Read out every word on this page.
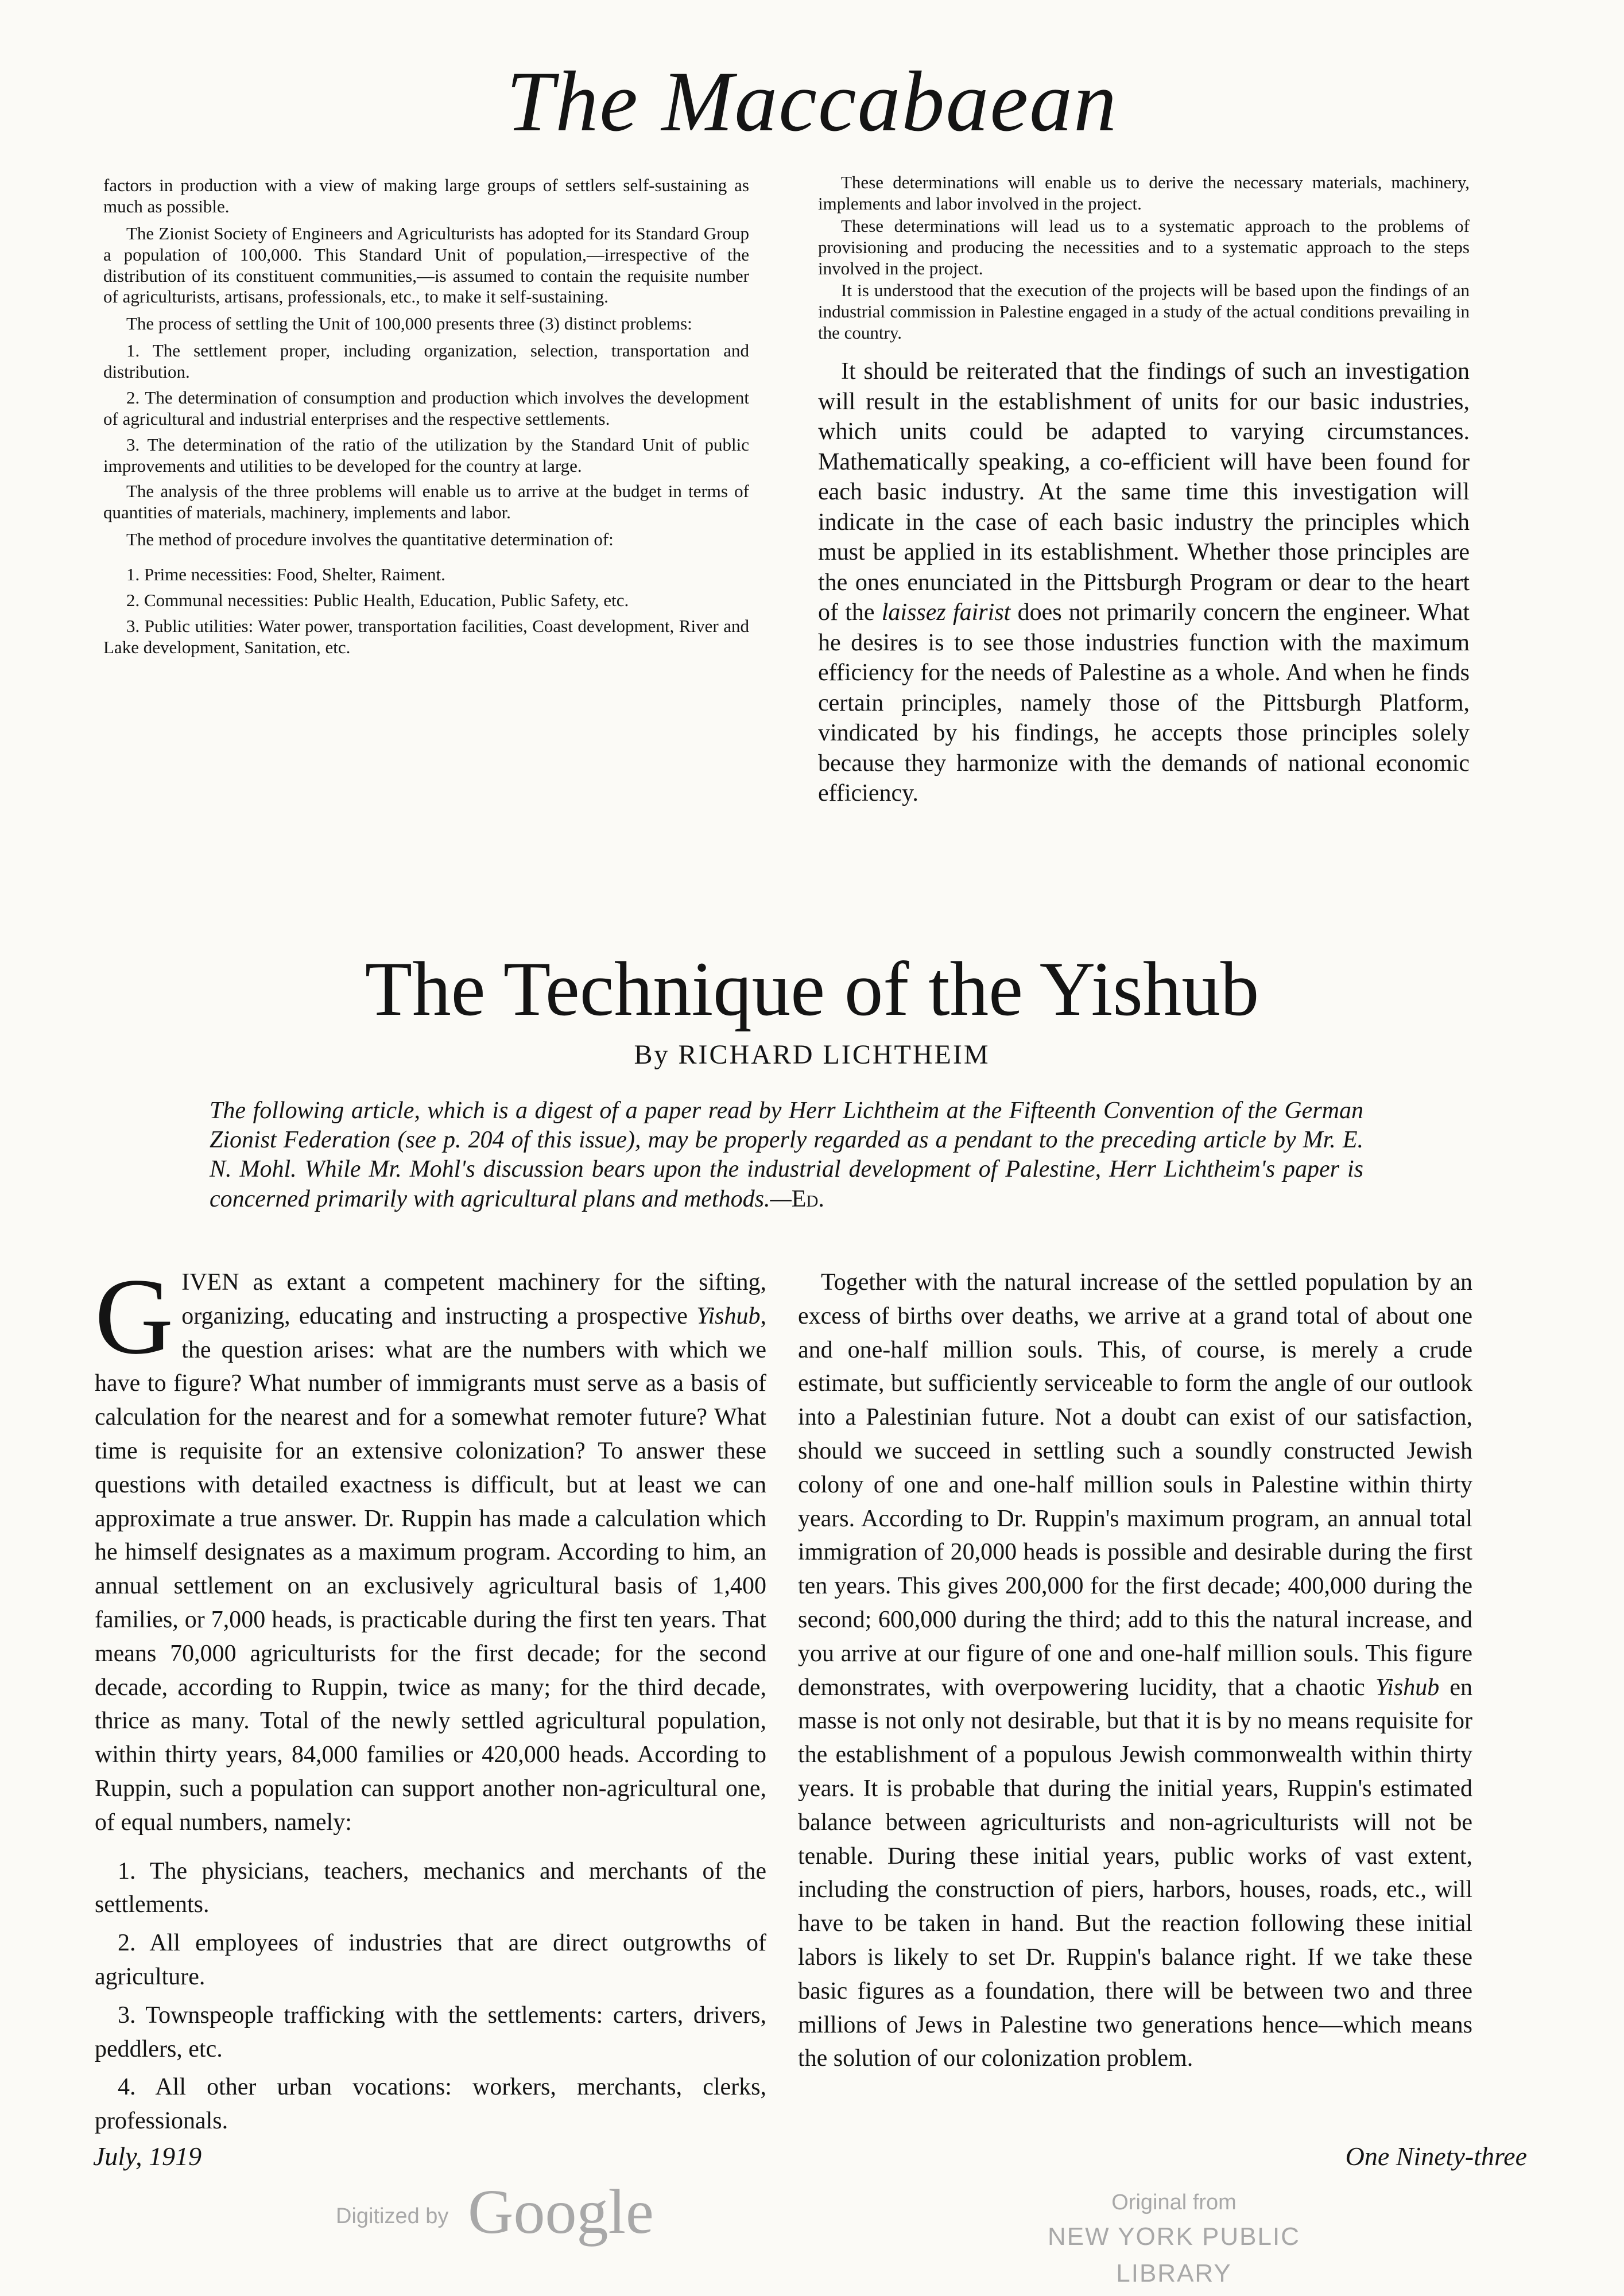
The Maccabaean

factors in production with a view of making large groups of settlers self-sustaining as much as possible.

The Zionist Society of Engineers and Agriculturists has adopted for its Standard Group a population of 100,000. This Standard Unit of population,—irrespective of the distribution of its constituent communities,—is assumed to contain the requisite number of agriculturists, artisans, professionals, etc., to make it self-sustaining.

The process of settling the Unit of 100,000 presents three (3) distinct problems:

1. The settlement proper, including organization, selection, transportation and distribution.

2. The determination of consumption and production which involves the development of agricultural and industrial enterprises and the respective settlements.

3. The determination of the ratio of the utilization by the Standard Unit of public improvements and utilities to be developed for the country at large.

The analysis of the three problems will enable us to arrive at the budget in terms of quantities of materials, machinery, implements and labor.

The method of procedure involves the quantitative determination of:

1. Prime necessities: Food, Shelter, Raiment.

2. Communal necessities: Public Health, Education, Public Safety, etc.

3. Public utilities: Water power, transportation facilities, Coast development, River and Lake development, Sanitation, etc.

These determinations will enable us to derive the necessary materials, machinery, implements and labor involved in the project.

These determinations will lead us to a systematic approach to the problems of provisioning and producing the necessities and to a systematic approach to the steps involved in the project.

It is understood that the execution of the projects will be based upon the findings of an industrial commission in Palestine engaged in a study of the actual conditions prevailing in the country.

It should be reiterated that the findings of such an investigation will result in the establishment of units for our basic industries, which units could be adapted to varying circumstances. Mathematically speaking, a co-efficient will have been found for each basic industry. At the same time this investigation will indicate in the case of each basic industry the principles which must be applied in its establishment. Whether those principles are the ones enunciated in the Pittsburgh Program or dear to the heart of the laissez fairist does not primarily concern the engineer. What he desires is to see those industries function with the maximum efficiency for the needs of Palestine as a whole. And when he finds certain principles, namely those of the Pittsburgh Platform, vindicated by his findings, he accepts those principles solely because they harmonize with the demands of national economic efficiency.

The Technique of the Yishub
By RICHARD LICHTHEIM
The following article, which is a digest of a paper read by Herr Lichtheim at the Fifteenth Convention of the German Zionist Federation (see p. 204 of this issue), may be properly regarded as a pendant to the preceding article by Mr. E. N. Mohl. While Mr. Mohl's discussion bears upon the industrial development of Palestine, Herr Lichtheim's paper is concerned primarily with agricultural plans and methods.—Ed.

GIVEN as extant a competent machinery for the sifting, organizing, educating and instructing a prospective Yishub, the question arises: what are the numbers with which we have to figure? What number of immigrants must serve as a basis of calculation for the nearest and for a somewhat remoter future? What time is requisite for an extensive colonization? To answer these questions with detailed exactness is difficult, but at least we can approximate a true answer. Dr. Ruppin has made a calculation which he himself designates as a maximum program. According to him, an annual settlement on an exclusively agricultural basis of 1,400 families, or 7,000 heads, is practicable during the first ten years. That means 70,000 agriculturists for the first decade; for the second decade, according to Ruppin, twice as many; for the third decade, thrice as many. Total of the newly settled agricultural population, within thirty years, 84,000 families or 420,000 heads. According to Ruppin, such a population can support another non-agricultural one, of equal numbers, namely:

1. The physicians, teachers, mechanics and merchants of the settlements.

2. All employees of industries that are direct outgrowths of agriculture.

3. Townspeople trafficking with the settlements: carters, drivers, peddlers, etc.

4. All other urban vocations: workers, merchants, clerks, professionals.

Together with the natural increase of the settled population by an excess of births over deaths, we arrive at a grand total of about one and one-half million souls. This, of course, is merely a crude estimate, but sufficiently serviceable to form the angle of our outlook into a Palestinian future. Not a doubt can exist of our satisfaction, should we succeed in settling such a soundly constructed Jewish colony of one and one-half million souls in Palestine within thirty years. According to Dr. Ruppin's maximum program, an annual total immigration of 20,000 heads is possible and desirable during the first ten years. This gives 200,000 for the first decade; 400,000 during the second; 600,000 during the third; add to this the natural increase, and you arrive at our figure of one and one-half million souls. This figure demonstrates, with overpowering lucidity, that a chaotic Yishub en masse is not only not desirable, but that it is by no means requisite for the establishment of a populous Jewish commonwealth within thirty years. It is probable that during the initial years, Ruppin's estimated balance between agriculturists and non-agriculturists will not be tenable. During these initial years, public works of vast extent, including the construction of piers, harbors, houses, roads, etc., will have to be taken in hand. But the reaction following these initial labors is likely to set Dr. Ruppin's balance right. If we take these basic figures as a foundation, there will be between two and three millions of Jews in Palestine two generations hence—which means the solution of our colonization problem.

July, 1919	One Ninety-three
Digitized by Google	Original from
NEW YORK PUBLIC LIBRARY
